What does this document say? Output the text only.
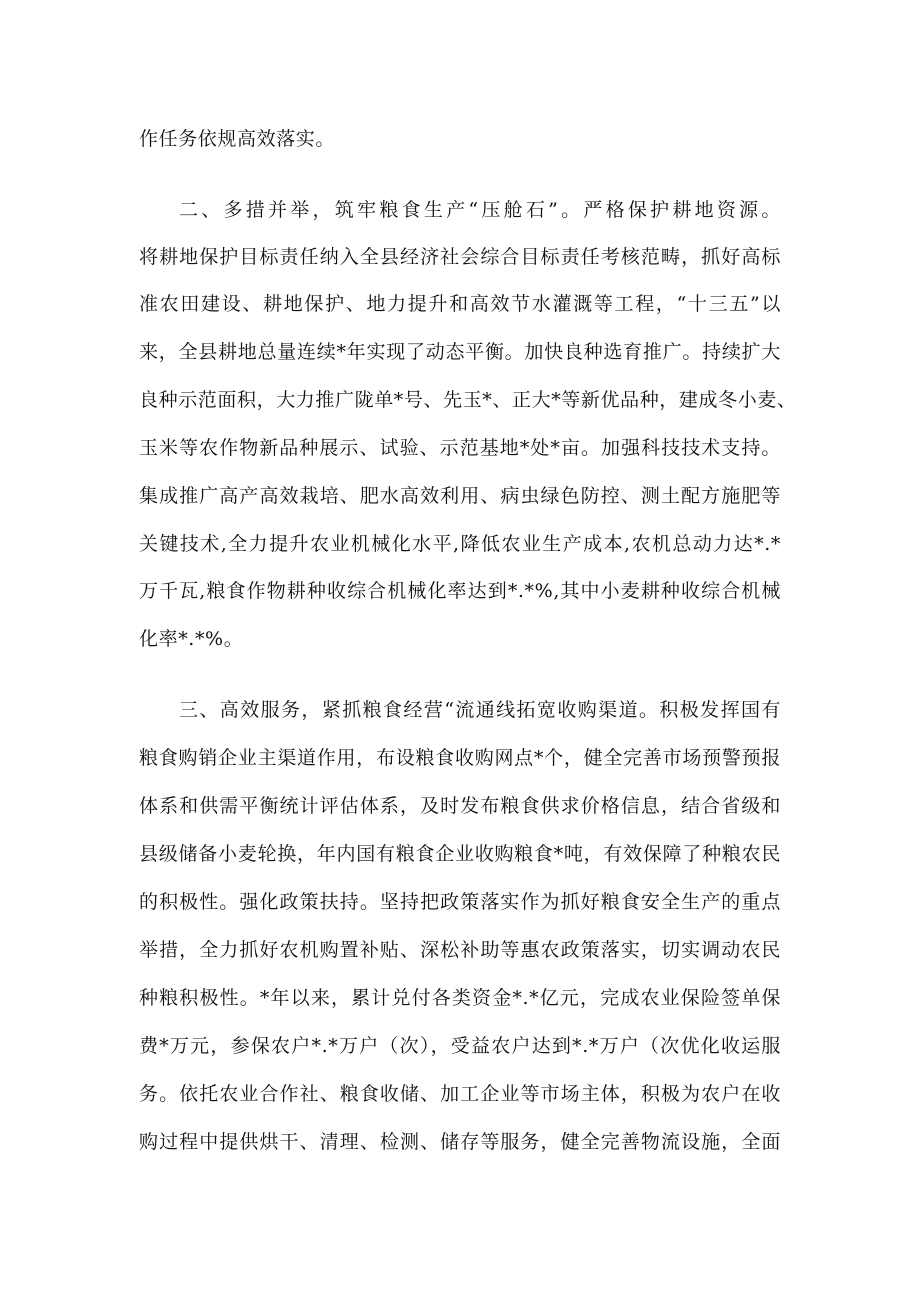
作任务依规高效落实。
二、多措并举，筑牢粮食生产“压舱石”。严格保护耕地资源。
将耕地保护目标责任纳入全县经济社会综合目标责任考核范畴，抓好高标
准农田建设、耕地保护、地力提升和高效节水灌溉等工程，“十三五”以
来，全县耕地总量连续*年实现了动态平衡。加快良种选育推广。持续扩大
良种示范面积，大力推广陇单*号、先玉*、正大*等新优品种，建成冬小麦、
玉米等农作物新品种展示、试验、示范基地*处*亩。加强科技技术支持。
集成推广高产高效栽培、肥水高效利用、病虫绿色防控、测土配方施肥等
关键技术,全力提升农业机械化水平,降低农业生产成本,农机总动力达*.*
万千瓦,粮食作物耕种收综合机械化率达到*.*%,其中小麦耕种收综合机械
化率*.*%。
三、高效服务，紧抓粮食经营“流通线拓宽收购渠道。积极发挥国有
粮食购销企业主渠道作用，布设粮食收购网点*个，健全完善市场预警预报
体系和供需平衡统计评估体系，及时发布粮食供求价格信息，结合省级和
县级储备小麦轮换，年内国有粮食企业收购粮食*吨，有效保障了种粮农民
的积极性。强化政策扶持。坚持把政策落实作为抓好粮食安全生产的重点
举措，全力抓好农机购置补贴、深松补助等惠农政策落实，切实调动农民
种粮积极性。*年以来，累计兑付各类资金*.*亿元，完成农业保险签单保
费*万元，参保农户*.*万户（次），受益农户达到*.*万户（次优化收运服
务。依托农业合作社、粮食收储、加工企业等市场主体，积极为农户在收
购过程中提供烘干、清理、检测、储存等服务，健全完善物流设施，全面
